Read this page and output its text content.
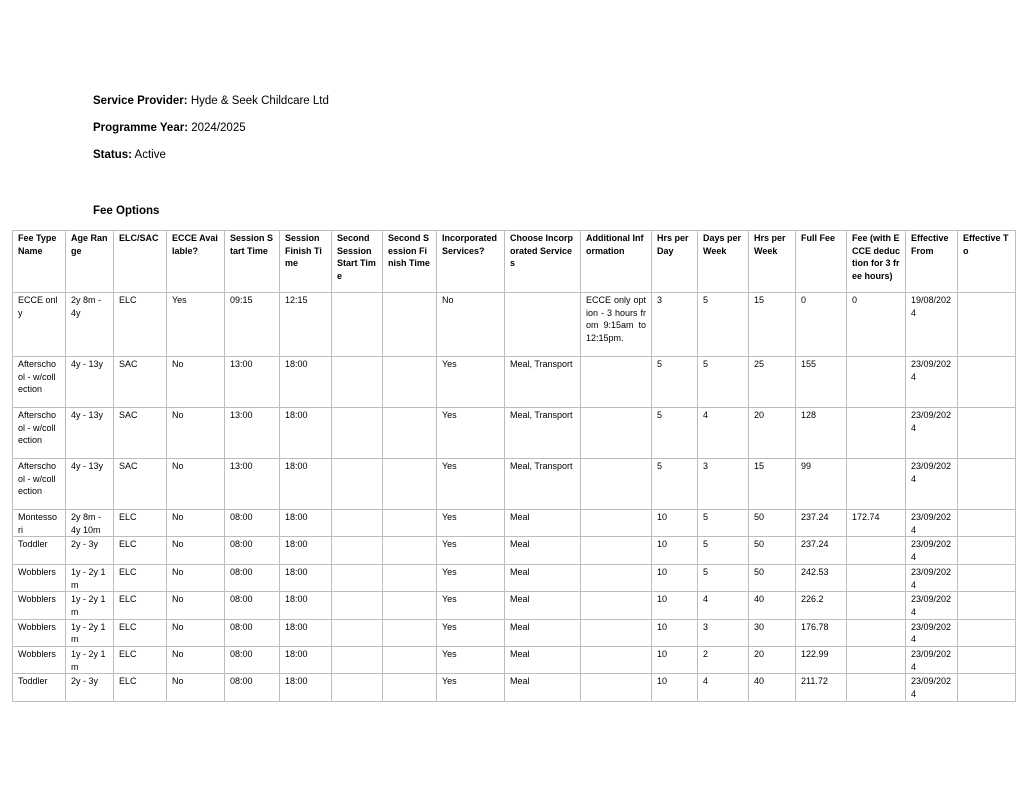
Service Provider: Hyde & Seek Childcare Ltd
Programme Year: 2024/2025
Status: Active
Fee Options
Fee Type Name	Age Range	ELC/SAC	ECCE Available?	Session Start Time	Session Finish Time	Second Session Start Time	Second Session Finish Time	Incorporated Services?	Choose Incorporated Services	Additional Information	Hrs per Day	Days per Week	Hrs per Week	Full Fee	Fee (with ECCE deduction for 3 free hours)	Effective From	Effective To
ECCE only	2y 8m - 4y	ELC	Yes	09:15	12:15			No		ECCE only option - 3 hours from 9:15am to 12:15pm.	3	5	15	0	0	19/08/2024	
Afterschool - w/collection	4y - 13y	SAC	No	13:00	18:00			Yes	Meal, Transport		5	5	25	155		23/09/2024	
Afterschool - w/collection	4y - 13y	SAC	No	13:00	18:00			Yes	Meal, Transport		5	4	20	128		23/09/2024	
Afterschool - w/collection	4y - 13y	SAC	No	13:00	18:00			Yes	Meal, Transport		5	3	15	99		23/09/2024	
Montessori	2y 8m - 4y 10m	ELC	No	08:00	18:00			Yes	Meal		10	5	50	237.24	172.74	23/09/2024	
Toddler	2y - 3y	ELC	No	08:00	18:00			Yes	Meal		10	5	50	237.24		23/09/2024	
Wobblers	1y - 2y 1m	ELC	No	08:00	18:00			Yes	Meal		10	5	50	242.53		23/09/2024	
Wobblers	1y - 2y 1m	ELC	No	08:00	18:00			Yes	Meal		10	4	40	226.2		23/09/2024	
Wobblers	1y - 2y 1m	ELC	No	08:00	18:00			Yes	Meal		10	3	30	176.78		23/09/2024	
Wobblers	1y - 2y 1m	ELC	No	08:00	18:00			Yes	Meal		10	2	20	122.99		23/09/2024	
Toddler	2y - 3y	ELC	No	08:00	18:00			Yes	Meal		10	4	40	211.72		23/09/2024	
